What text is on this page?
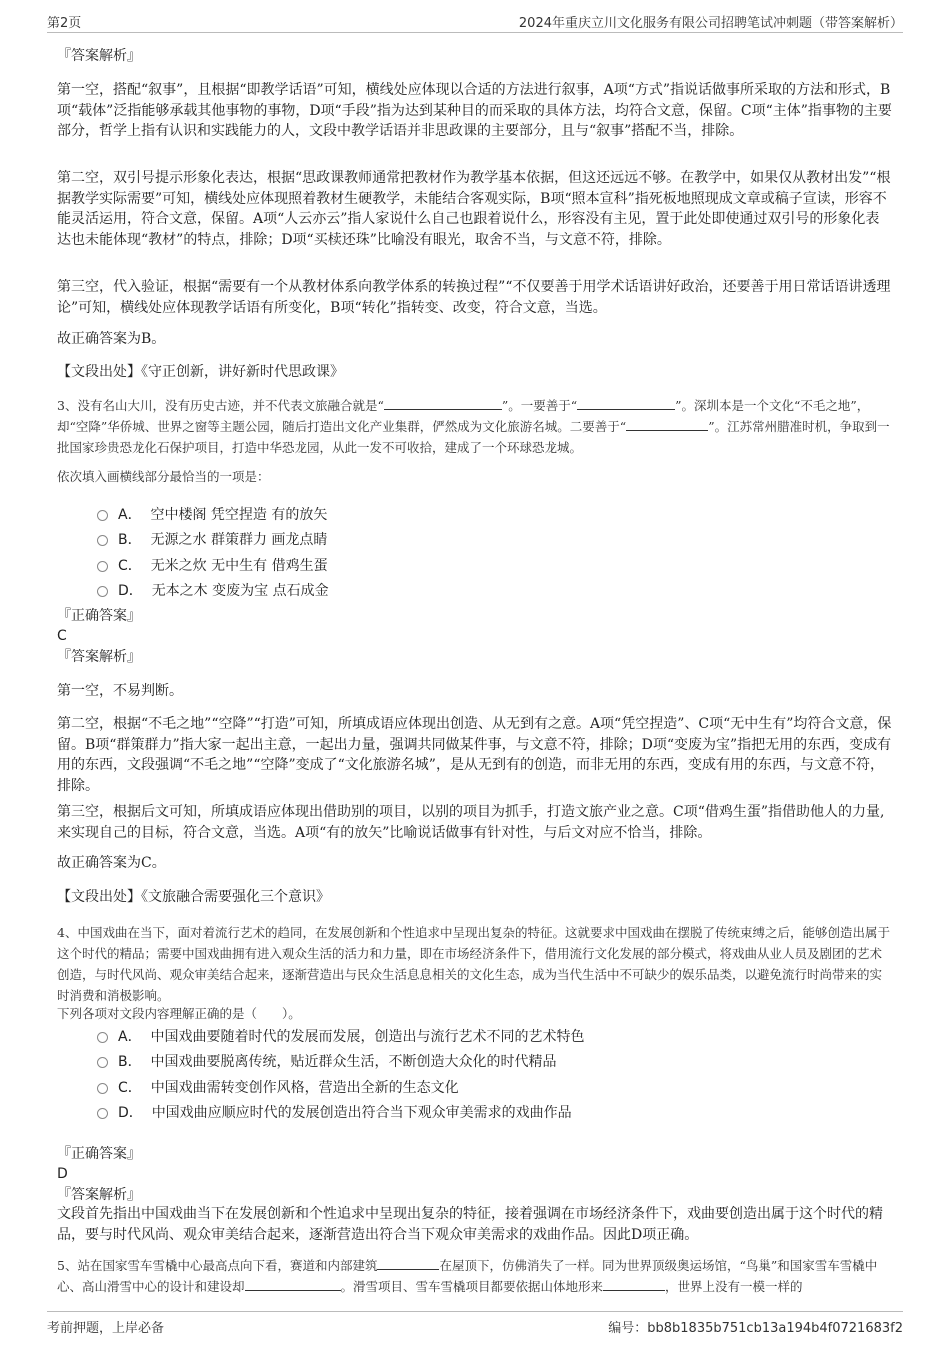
第2页	2024年重庆立川文化服务有限公司招聘笔试冲刺题（带答案解析）
『答案解析』
第一空，搭配“叙事”，且根据“即教学话语”可知，横线处应体现以合适的方法进行叙事，A项“方式”指说话做事所采取的方法和形式，B项“载体”泛指能够承载其他事物的事物，D项“手段”指为达到某种目的而采取的具体方法，均符合文意，保留。C项“主体”指事物的主要部分，哲学上指有认识和实践能力的人，文段中教学话语并非思政课的主要部分，且与“叙事”搭配不当，排除。
第二空，双引号提示形象化表达，根据“思政课教师通常把教材作为教学基本依据，但这还远远不够。在教学中，如果仅从教材出发”“根据教学实际需要”可知，横线处应体现照着教材生硬教学，未能结合客观实际，B项“照本宣科”指死板地照现成文章或稿子宣读，形容不能灵活运用，符合文意，保留。A项“人云亦云”指人家说什么自己也跟着说什么，形容没有主见，置于此处即使通过双引号的形象化表达也未能体现“教材”的特点，排除；D项“买椟还珠”比喻没有眼光，取舍不当，与文意不符，排除。
第三空，代入验证，根据“需要有一个从教材体系向教学体系的转换过程”“不仅要善于用学术话语讲好政治，还要善于用日常话语讲透理论”可知，横线处应体现教学话语有所变化，B项“转化”指转变、改变，符合文意，当选。
故正确答案为B。
【文段出处】《守正创新，讲好新时代思政课》
3、没有名山大川，没有历史古迹，并不代表文旅融合就是“	”。一要善于“	”。深圳本是一个文化“不毛之地”，却“空降”华侨城、世界之窗等主题公园，随后打造出文化产业集群，俨然成为文化旅游名城。二要善于“	”。江苏常州腊准时机，争取到一批国家珍贵恐龙化石保护项目，打造中华恐龙园，从此一发不可收拾，建成了一个环球恐龙城。
依次填入画横线部分最恰当的一项是：
A． 空中楼阁 凭空捏造 有的放矢
B． 无源之水 群策群力 画龙点睛
C． 无米之炊 无中生有 借鸡生蛋
D． 无本之木 变废为宝 点石成金
『正确答案』
C
『答案解析』
第一空，不易判断。
第二空，根据“不毛之地”“空降”“打造”可知，所填成语应体现出创造、从无到有之意。A项“凭空捏造”、C项“无中生有”均符合文意，保留。B项“群策群力”指大家一起出主意，一起出力量，强调共同做某件事，与文意不符，排除；D项“变废为宝”指把无用的东西，变成有用的东西，文段强调“不毛之地”“空降”变成了“文化旅游名城”，是从无到有的创造，而非无用的东西，变成有用的东西，与文意不符，排除。
第三空，根据后文可知，所填成语应体现出借助别的项目，以别的项目为抓手，打造文旅产业之意。C项“借鸡生蛋”指借助他人的力量,来实现自己的目标，符合文意，当选。A项“有的放矢”比喻说话做事有针对性，与后文对应不恰当，排除。
故正确答案为C。
【文段出处】《文旅融合需要强化三个意识》
4、中国戏曲在当下，面对着流行艺术的趋同，在发展创新和个性追求中呈现出复杂的特征。这就要求中国戏曲在摆脱了传统束缚之后，能够创造出属于这个时代的精品；需要中国戏曲拥有进入观众生活的活力和力量，即在市场经济条件下，借用流行文化发展的部分模式，将戏曲从业人员及剧团的艺术创造，与时代风尚、观众审美结合起来，逐渐营造出与民众生活息息相关的文化生态，成为当代生活中不可缺少的娱乐品类，以避免流行时尚带来的实时消费和消极影响。
下列各项对文段内容理解正确的是（　　）。
A． 中国戏曲要随着时代的发展而发展，创造出与流行艺术不同的艺术特色
B． 中国戏曲要脱离传统，贴近群众生活，不断创造大众化的时代精品
C． 中国戏曲需转变创作风格，营造出全新的生态文化
D． 中国戏曲应顺应时代的发展创造出符合当下观众审美需求的戏曲作品
『正确答案』
D
『答案解析』
文段首先指出中国戏曲当下在发展创新和个性追求中呈现出复杂的特征，接着强调在市场经济条件下，戏曲要创造出属于这个时代的精品，要与时代风尚、观众审美结合起来，逐渐营造出符合当下观众审美需求的戏曲作品。因此D项正确。
5、站在国家雪车雪橇中心最高点向下看，赛道和内部建筑	在屋顶下，仿佛消失了一样。同为世界顶级奥运场馆，“鸟巢”和国家雪车雪橇中心、高山滑雪中心的设计和建设却	。滑雪项目、雪车雪橇项目都要依据山体地形来	，世界上没有一模一样的
考前押题，上岸必备	编号：bb8b1835b751cb13a194b4f0721683f2
